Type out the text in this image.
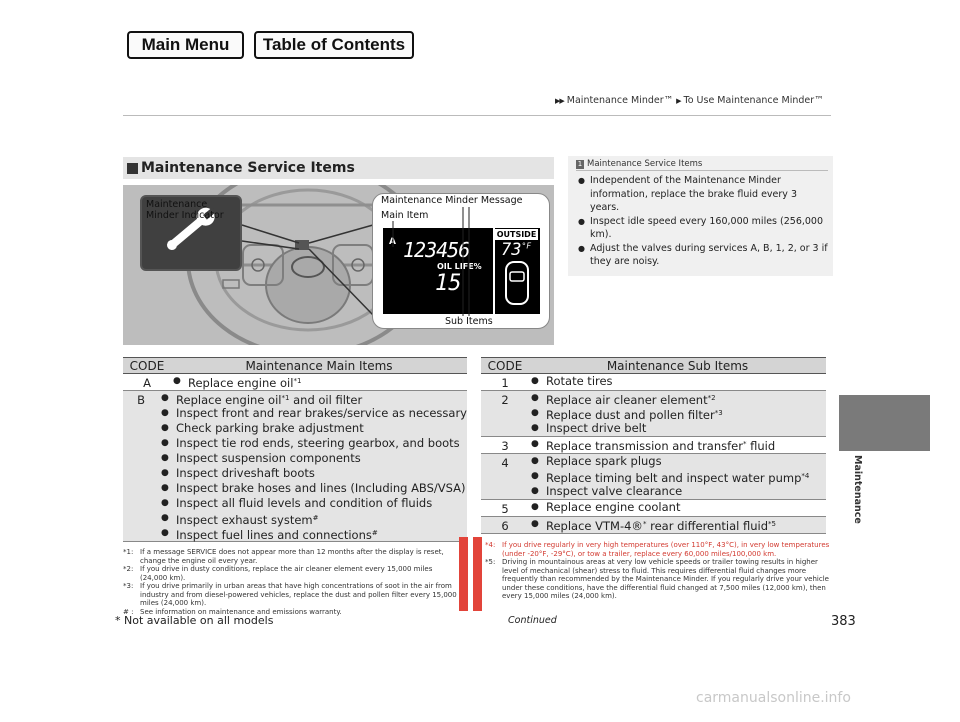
Main Menu	Table of Contents
▶▶ Maintenance Minder™ ▶ To Use Maintenance Minder™
Maintenance
Maintenance Service Items
Maintenance
Minder Indicator
Maintenance Minder Message
Main Item
OUTSIDE
$73^{^\circ F}$
A 123456
OIL LIFE%
15
Sub Items
1 Maintenance Service Items
● Independent of the Maintenance Minder information, replace the brake fluid every 3 years.
● Inspect idle speed every 160,000 miles (256,000 km).
● Adjust the valves during services A, B, 1, 2, or 3 if they are noisy.
CODE	Maintenance Main Items
A	● Replace engine oil$^{*1}$
B	● Replace engine oil$^{*1}$ and oil filter
● Inspect front and rear brakes/service as necessary
● Check parking brake adjustment
● Inspect tie rod ends, steering gearbox, and boots
● Inspect suspension components
● Inspect driveshaft boots
● Inspect brake hoses and lines (Including ABS/VSA)
● Inspect all fluid levels and condition of fluids
● Inspect exhaust system#
● Inspect fuel lines and connections#
CODE	Maintenance Sub Items
1	● Rotate tires
2	● Replace air cleaner element$^{*2}$
● Replace dust and pollen filter$^{*3}$
● Inspect drive belt
3	● Replace transmission and transfer* fluid
4	● Replace spark plugs
● Replace timing belt and inspect water pump$^{*4}$
● Inspect valve clearance
5	● Replace engine coolant
6	● Replace VTM-4®* rear differential fluid$^{*5}$
*1: If a message SERVICE does not appear more than 12 months after the display is reset, change the engine oil every year.
*2: If you drive in dusty conditions, replace the air cleaner element every 15,000 miles (24,000 km).
*3: If you drive primarily in urban areas that have high concentrations of soot in the air from industry and from diesel-powered vehicles, replace the dust and pollen filter every 15,000 miles (24,000 km).
# : See information on maintenance and emissions warranty.
*4: If you drive regularly in very high temperatures (over 110°F, 43°C), in very low temperatures (under -20°F, -29°C), or tow a trailer, replace every 60,000 miles/100,000 km.
*5: Driving in mountainous areas at very low vehicle speeds or trailer towing results in higher level of mechanical (shear) stress to fluid. This requires differential fluid changes more frequently than recommended by the Maintenance Minder. If you regularly drive your vehicle under these conditions, have the differential fluid changed at 7,500 miles (12,000 km), then every 15,000 miles (24,000 km).
* Not available on all models	Continued	383
carmanualsonline.info
